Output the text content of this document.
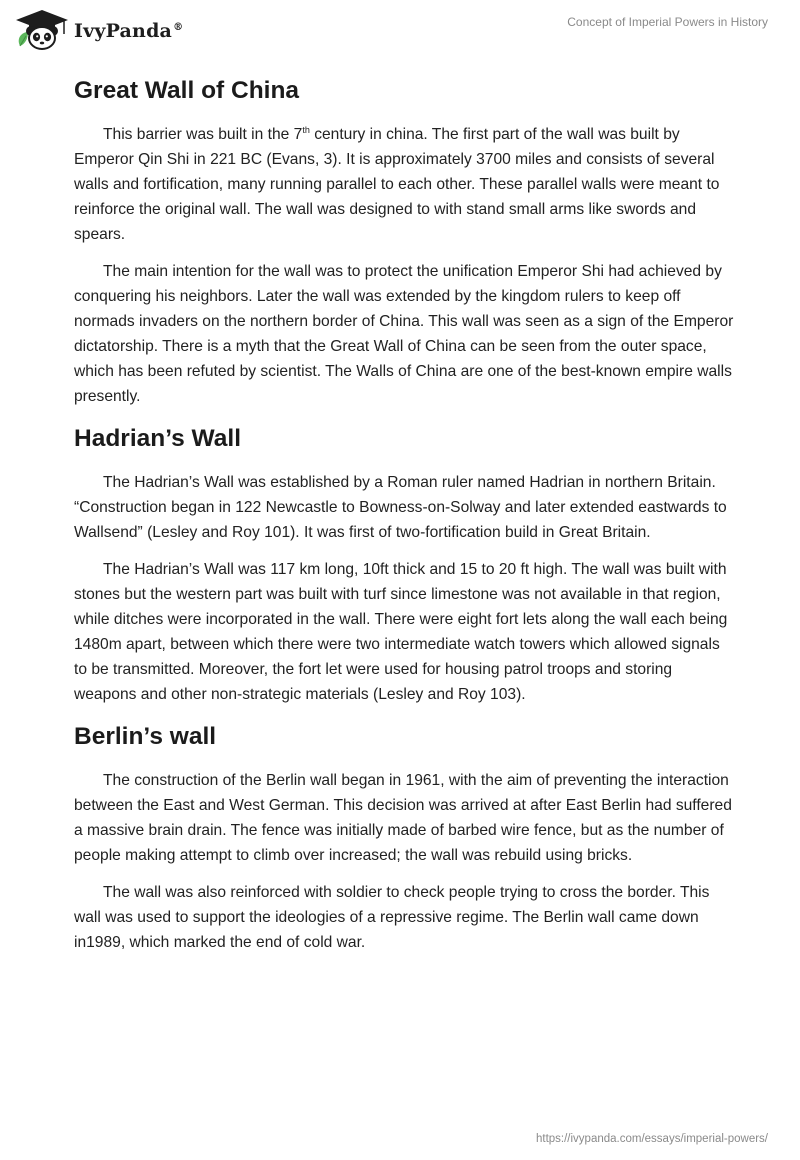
IvyPanda®	Concept of Imperial Powers in History
Great Wall of China

This barrier was built in the 7th century in china. The first part of the wall was built by Emperor Qin Shi in 221 BC (Evans, 3). It is approximately 3700 miles and consists of several walls and fortification, many running parallel to each other. These parallel walls were meant to reinforce the original wall. The wall was designed to with stand small arms like swords and spears.

The main intention for the wall was to protect the unification Emperor Shi had achieved by conquering his neighbors. Later the wall was extended by the kingdom rulers to keep off normads invaders on the northern border of China. This wall was seen as a sign of the Emperor dictatorship. There is a myth that the Great Wall of China can be seen from the outer space, which has been refuted by scientist. The Walls of China are one of the best-known empire walls presently.

Hadrian’s Wall

The Hadrian’s Wall was established by a Roman ruler named Hadrian in northern Britain. “Construction began in 122 Newcastle to Bowness-on-Solway and later extended eastwards to Wallsend” (Lesley and Roy 101). It was first of two-fortification build in Great Britain.

The Hadrian’s Wall was 117 km long, 10ft thick and 15 to 20 ft high. The wall was built with stones but the western part was built with turf since limestone was not available in that region, while ditches were incorporated in the wall. There were eight fort lets along the wall each being 1480m apart, between which there were two intermediate watch towers which allowed signals to be transmitted. Moreover, the fort let were used for housing patrol troops and storing weapons and other non-strategic materials (Lesley and Roy 103).

Berlin’s wall

The construction of the Berlin wall began in 1961, with the aim of preventing the interaction between the East and West German. This decision was arrived at after East Berlin had suffered a massive brain drain. The fence was initially made of barbed wire fence, but as the number of people making attempt to climb over increased; the wall was rebuild using bricks.

The wall was also reinforced with soldier to check people trying to cross the border. This wall was used to support the ideologies of a repressive regime. The Berlin wall came down in1989, which marked the end of cold war.

https://ivypanda.com/essays/imperial-powers/
